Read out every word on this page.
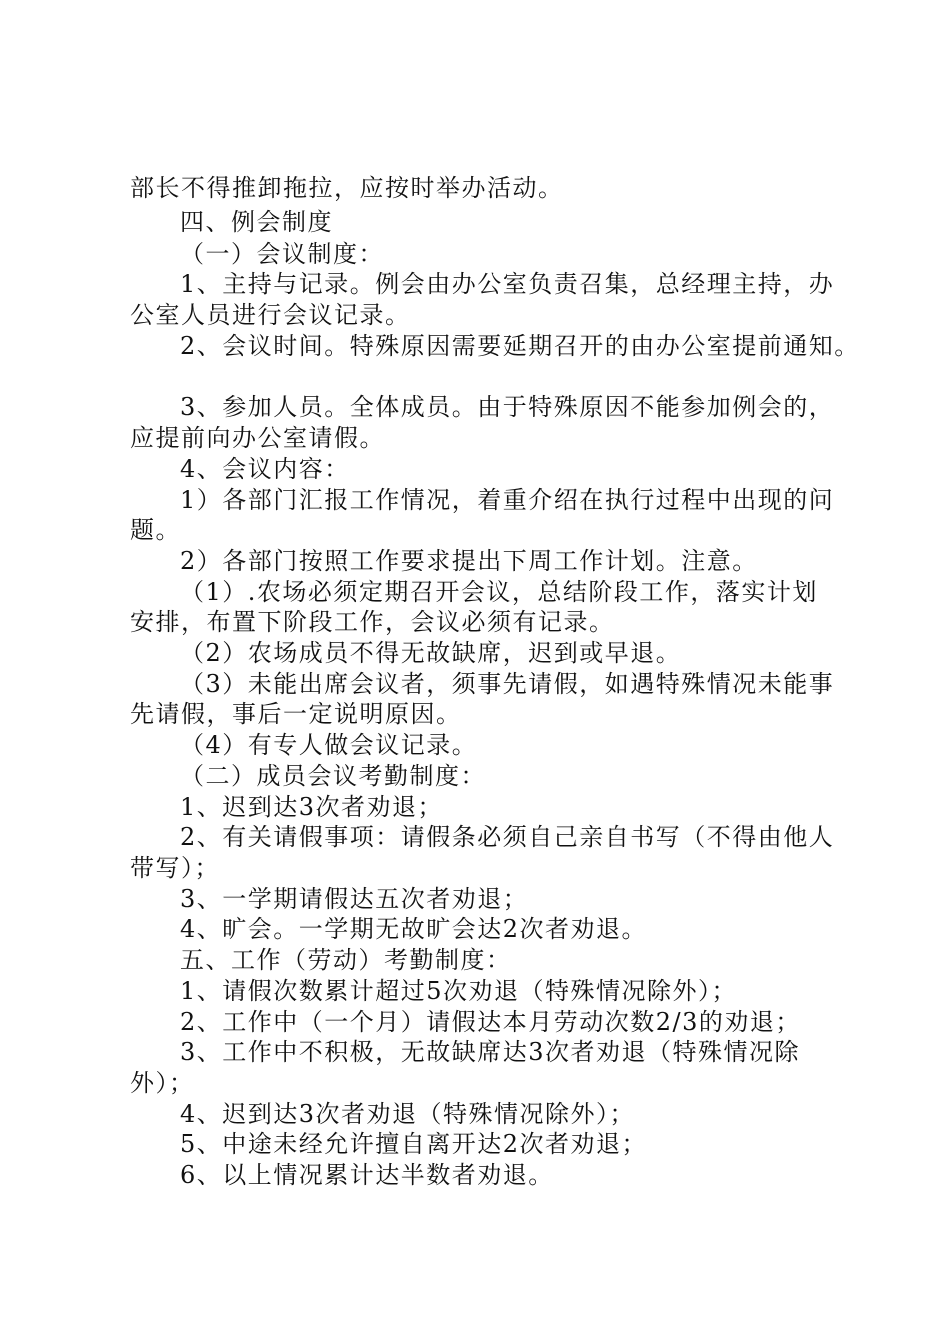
部长不得推卸拖拉，应按时举办活动。
四、例会制度
（一）会议制度：
1、主持与记录。例会由办公室负责召集，总经理主持，办
公室人员进行会议记录。
2、会议时间。特殊原因需要延期召开的由办公室提前通知。
3、参加人员。全体成员。由于特殊原因不能参加例会的，
应提前向办公室请假。
4、会议内容：
1）各部门汇报工作情况，着重介绍在执行过程中出现的问
题。
2）各部门按照工作要求提出下周工作计划。注意。
（1）.农场必须定期召开会议，总结阶段工作，落实计划
安排，布置下阶段工作，会议必须有记录。
（2）农场成员不得无故缺席，迟到或早退。
（3）未能出席会议者，须事先请假，如遇特殊情况未能事
先请假，事后一定说明原因。
（4）有专人做会议记录。
（二）成员会议考勤制度：
1、迟到达3次者劝退；
2、有关请假事项：请假条必须自己亲自书写（不得由他人
带写）；
3、一学期请假达五次者劝退；
4、旷会。一学期无故旷会达2次者劝退。
五、工作（劳动）考勤制度：
1、请假次数累计超过5次劝退（特殊情况除外）；
2、工作中（一个月）请假达本月劳动次数2/3的劝退；
3、工作中不积极，无故缺席达3次者劝退（特殊情况除
外）；
4、迟到达3次者劝退（特殊情况除外）；
5、中途未经允许擅自离开达2次者劝退；
6、以上情况累计达半数者劝退。
